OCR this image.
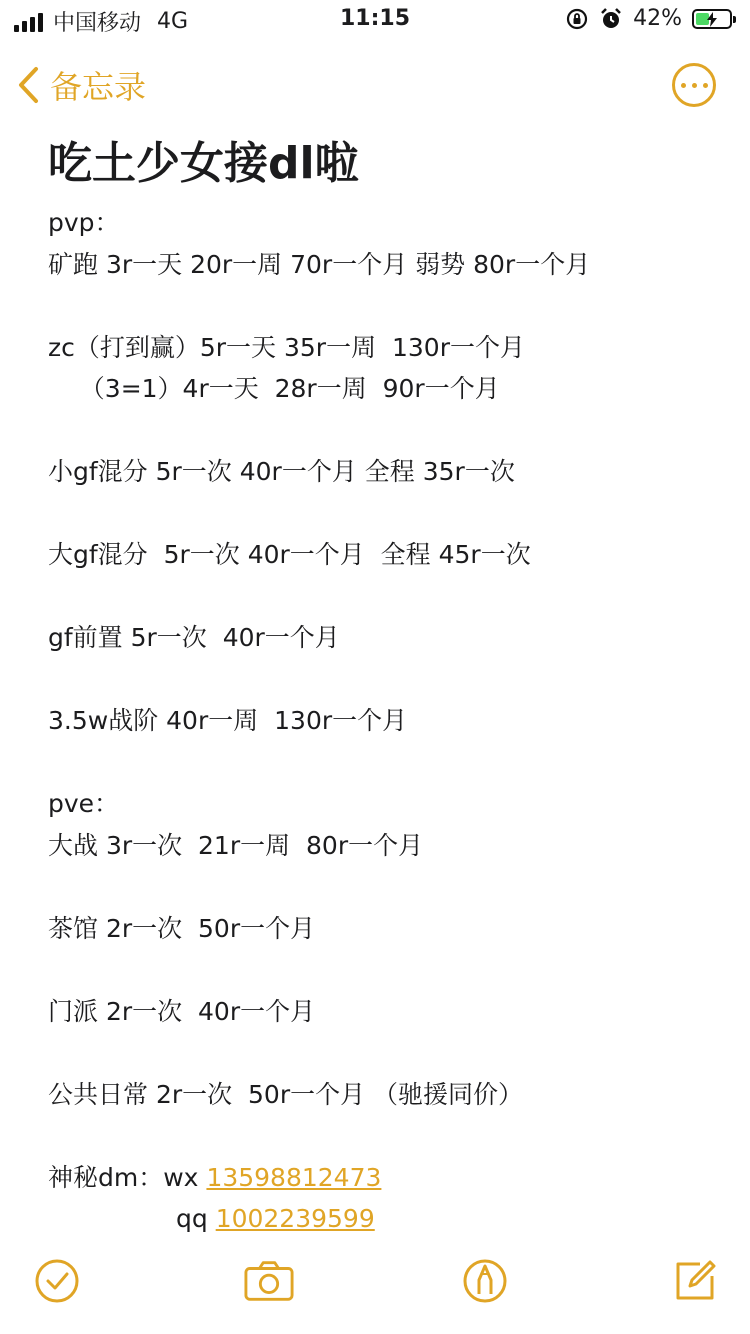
中国移动 4G	11:15	42%
备忘录
吃土少女接dl啦
pvp：
矿跑 3r一天 20r一周 70r一个月 弱势 80r一个月
zc（打到赢）5r一天 35r一周  130r一个月
（3=1）4r一天  28r一周  90r一个月
小gf混分 5r一次 40r一个月 全程 35r一次
大gf混分  5r一次 40r一个月  全程 45r一次
gf前置 5r一次  40r一个月
3.5w战阶 40r一周  130r一个月
pve：
大战 3r一次  21r一周  80r一个月
茶馆 2r一次  50r一个月
门派 2r一次  40r一个月
公共日常 2r一次  50r一个月 （驰援同价）
神秘dm：wx 13598812473
qq 1002239599
